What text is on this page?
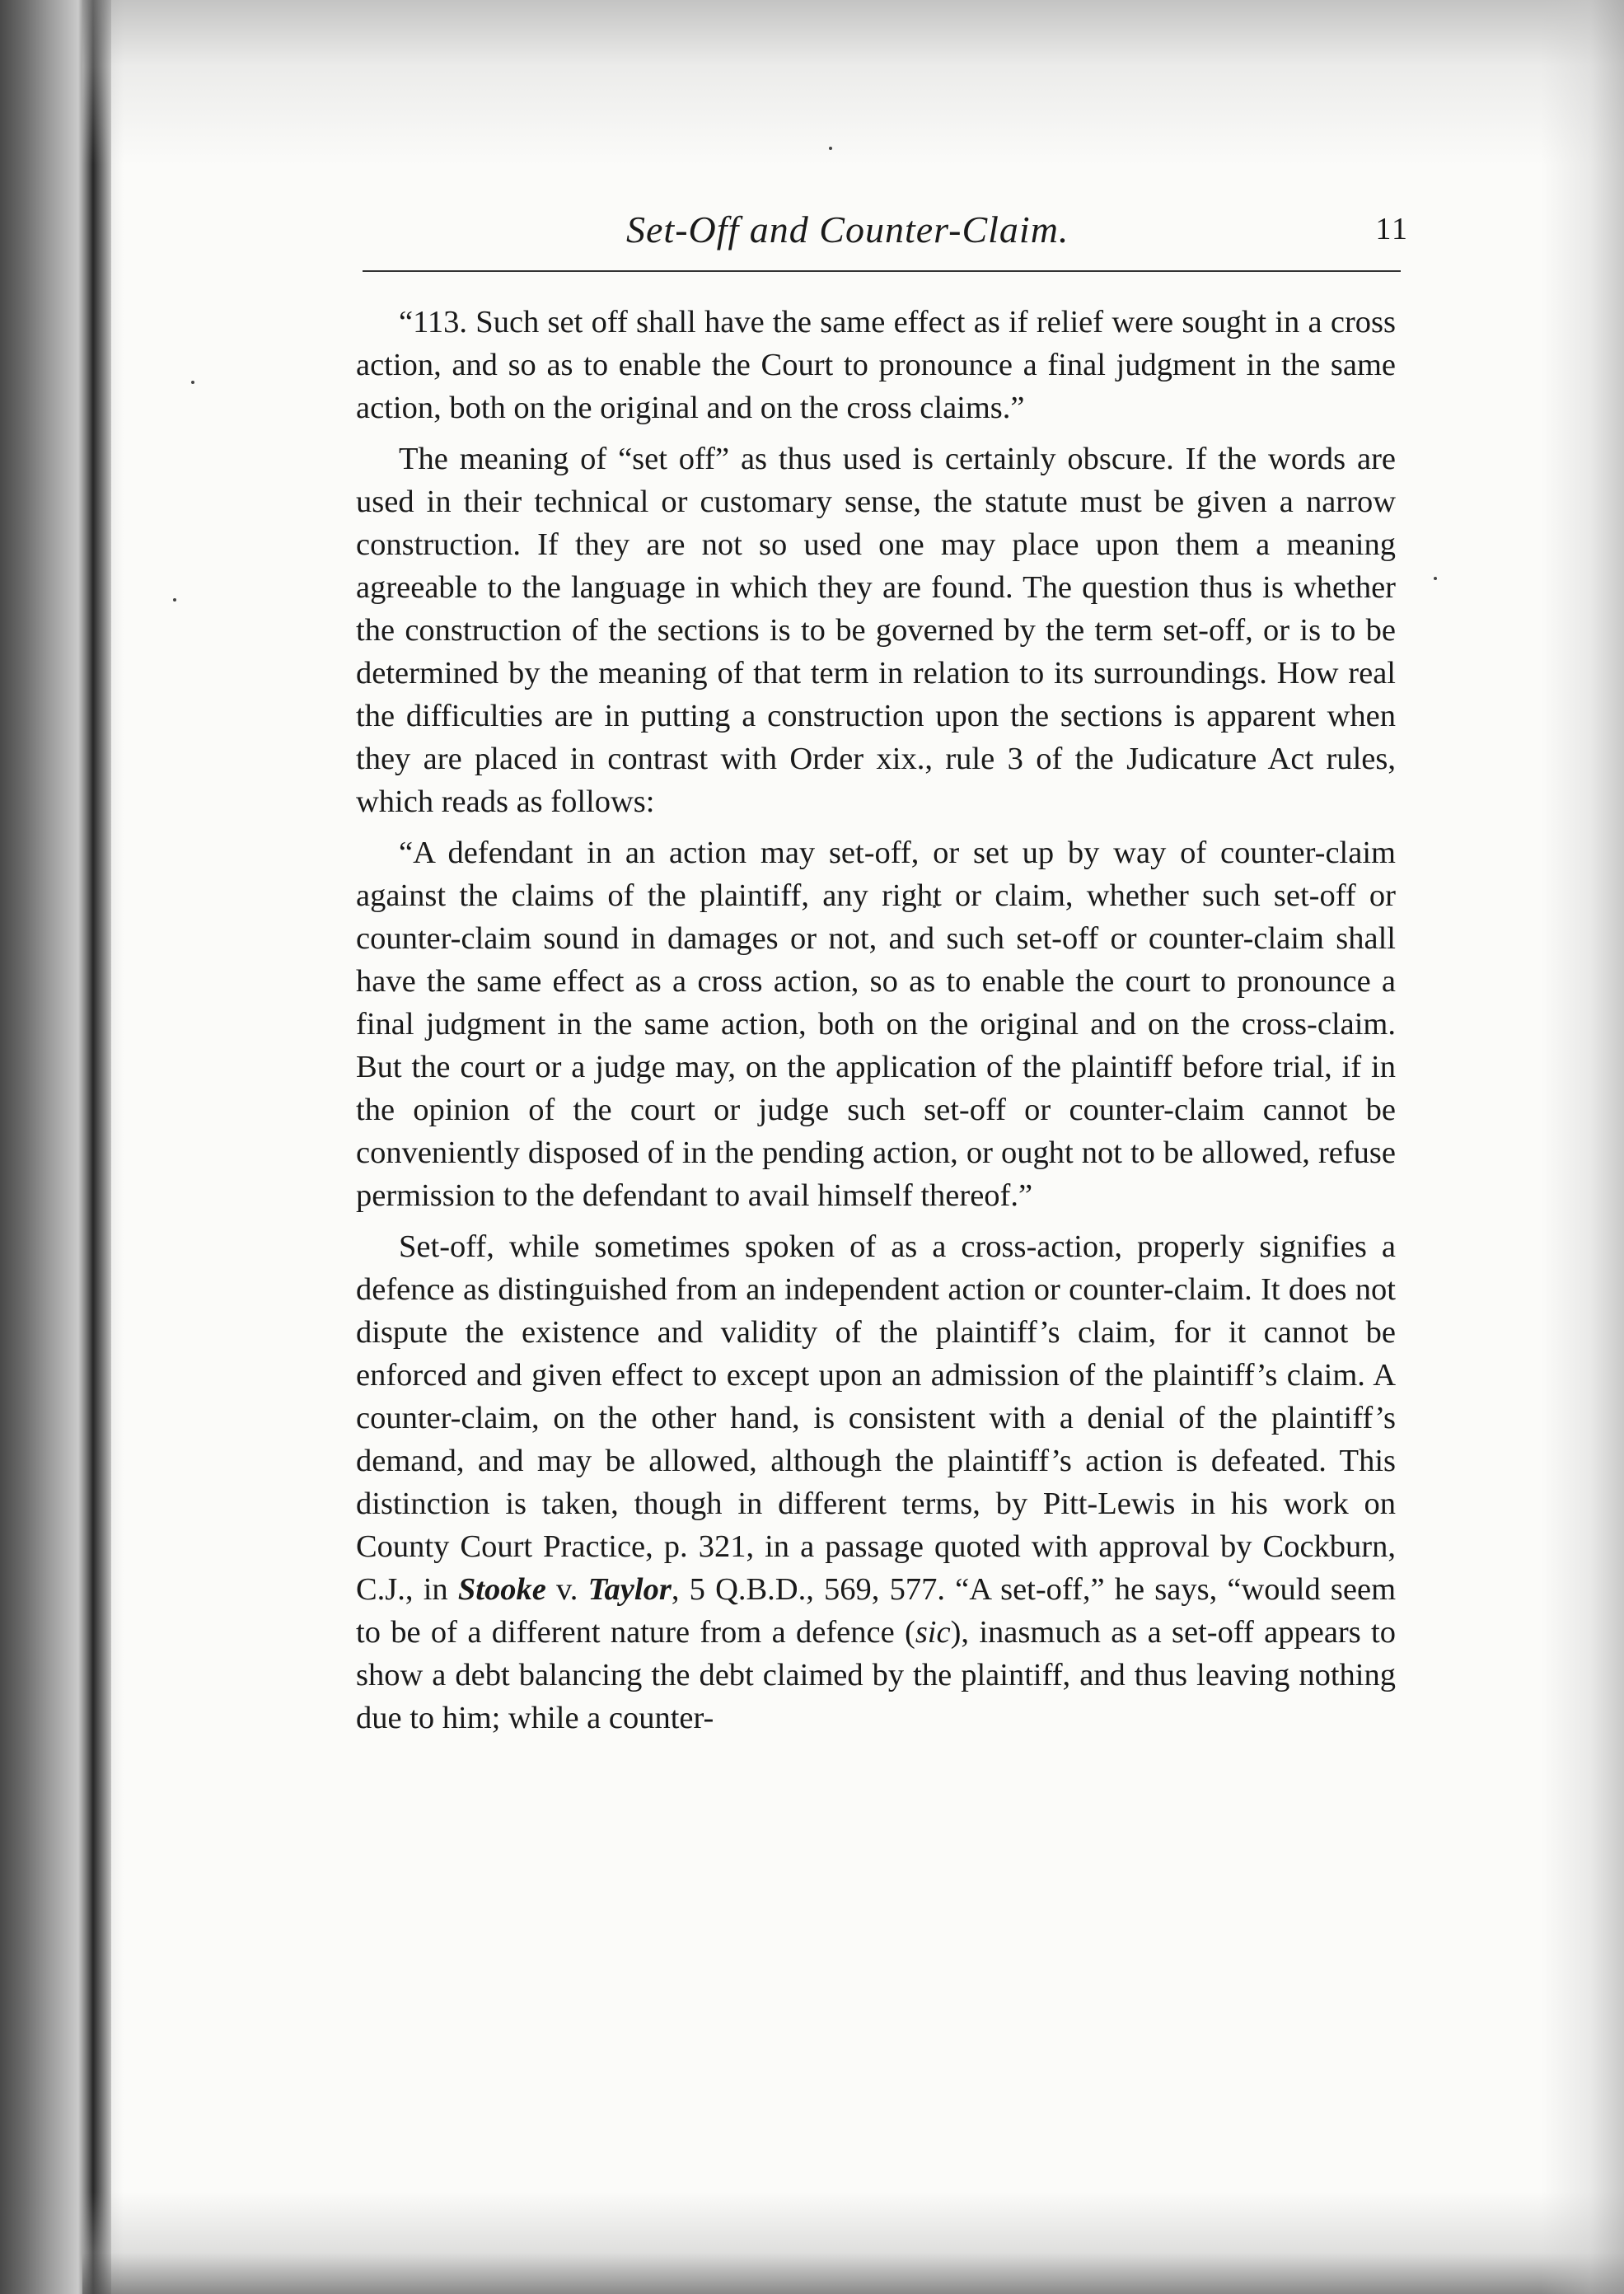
Set-Off and Counter-Claim.	11

“113. Such set off shall have the same effect as if relief were sought in a cross action, and so as to enable the Court to pronounce a final judgment in the same action, both on the original and on the cross claims.”

The meaning of “set off” as thus used is certainly obscure. If the words are used in their technical or customary sense, the statute must be given a narrow construction. If they are not so used one may place upon them a meaning agreeable to the language in which they are found. The question thus is whether the construction of the sections is to be governed by the term set-off, or is to be determined by the meaning of that term in relation to its surroundings. How real the difficulties are in putting a construction upon the sections is apparent when they are placed in contrast with Order xix., rule 3 of the Judicature Act rules, which reads as follows:

“A defendant in an action may set-off, or set up by way of counter-claim against the claims of the plaintiff, any right or claim, whether such set-off or counter-claim sound in damages or not, and such set-off or counter-claim shall have the same effect as a cross action, so as to enable the court to pronounce a final judgment in the same action, both on the original and on the cross-claim. But the court or a judge may, on the application of the plaintiff before trial, if in the opinion of the court or judge such set-off or counter-claim cannot be conveniently disposed of in the pending action, or ought not to be allowed, refuse permission to the defendant to avail himself thereof.”

Set-off, while sometimes spoken of as a cross-action, properly signifies a defence as distinguished from an independent action or counter-claim. It does not dispute the existence and validity of the plaintiff’s claim, for it cannot be enforced and given effect to except upon an admission of the plaintiff’s claim. A counter-claim, on the other hand, is consistent with a denial of the plaintiff’s demand, and may be allowed, although the plaintiff’s action is defeated. This distinction is taken, though in different terms, by Pitt-Lewis in his work on County Court Practice, p. 321, in a passage quoted with approval by Cockburn, C.J., in Stooke v. Taylor, 5 Q.B.D., 569, 577. “A set-off,” he says, “would seem to be of a different nature from a defence (sic), inasmuch as a set-off appears to show a debt balancing the debt claimed by the plaintiff, and thus leaving nothing due to him; while a counter-
